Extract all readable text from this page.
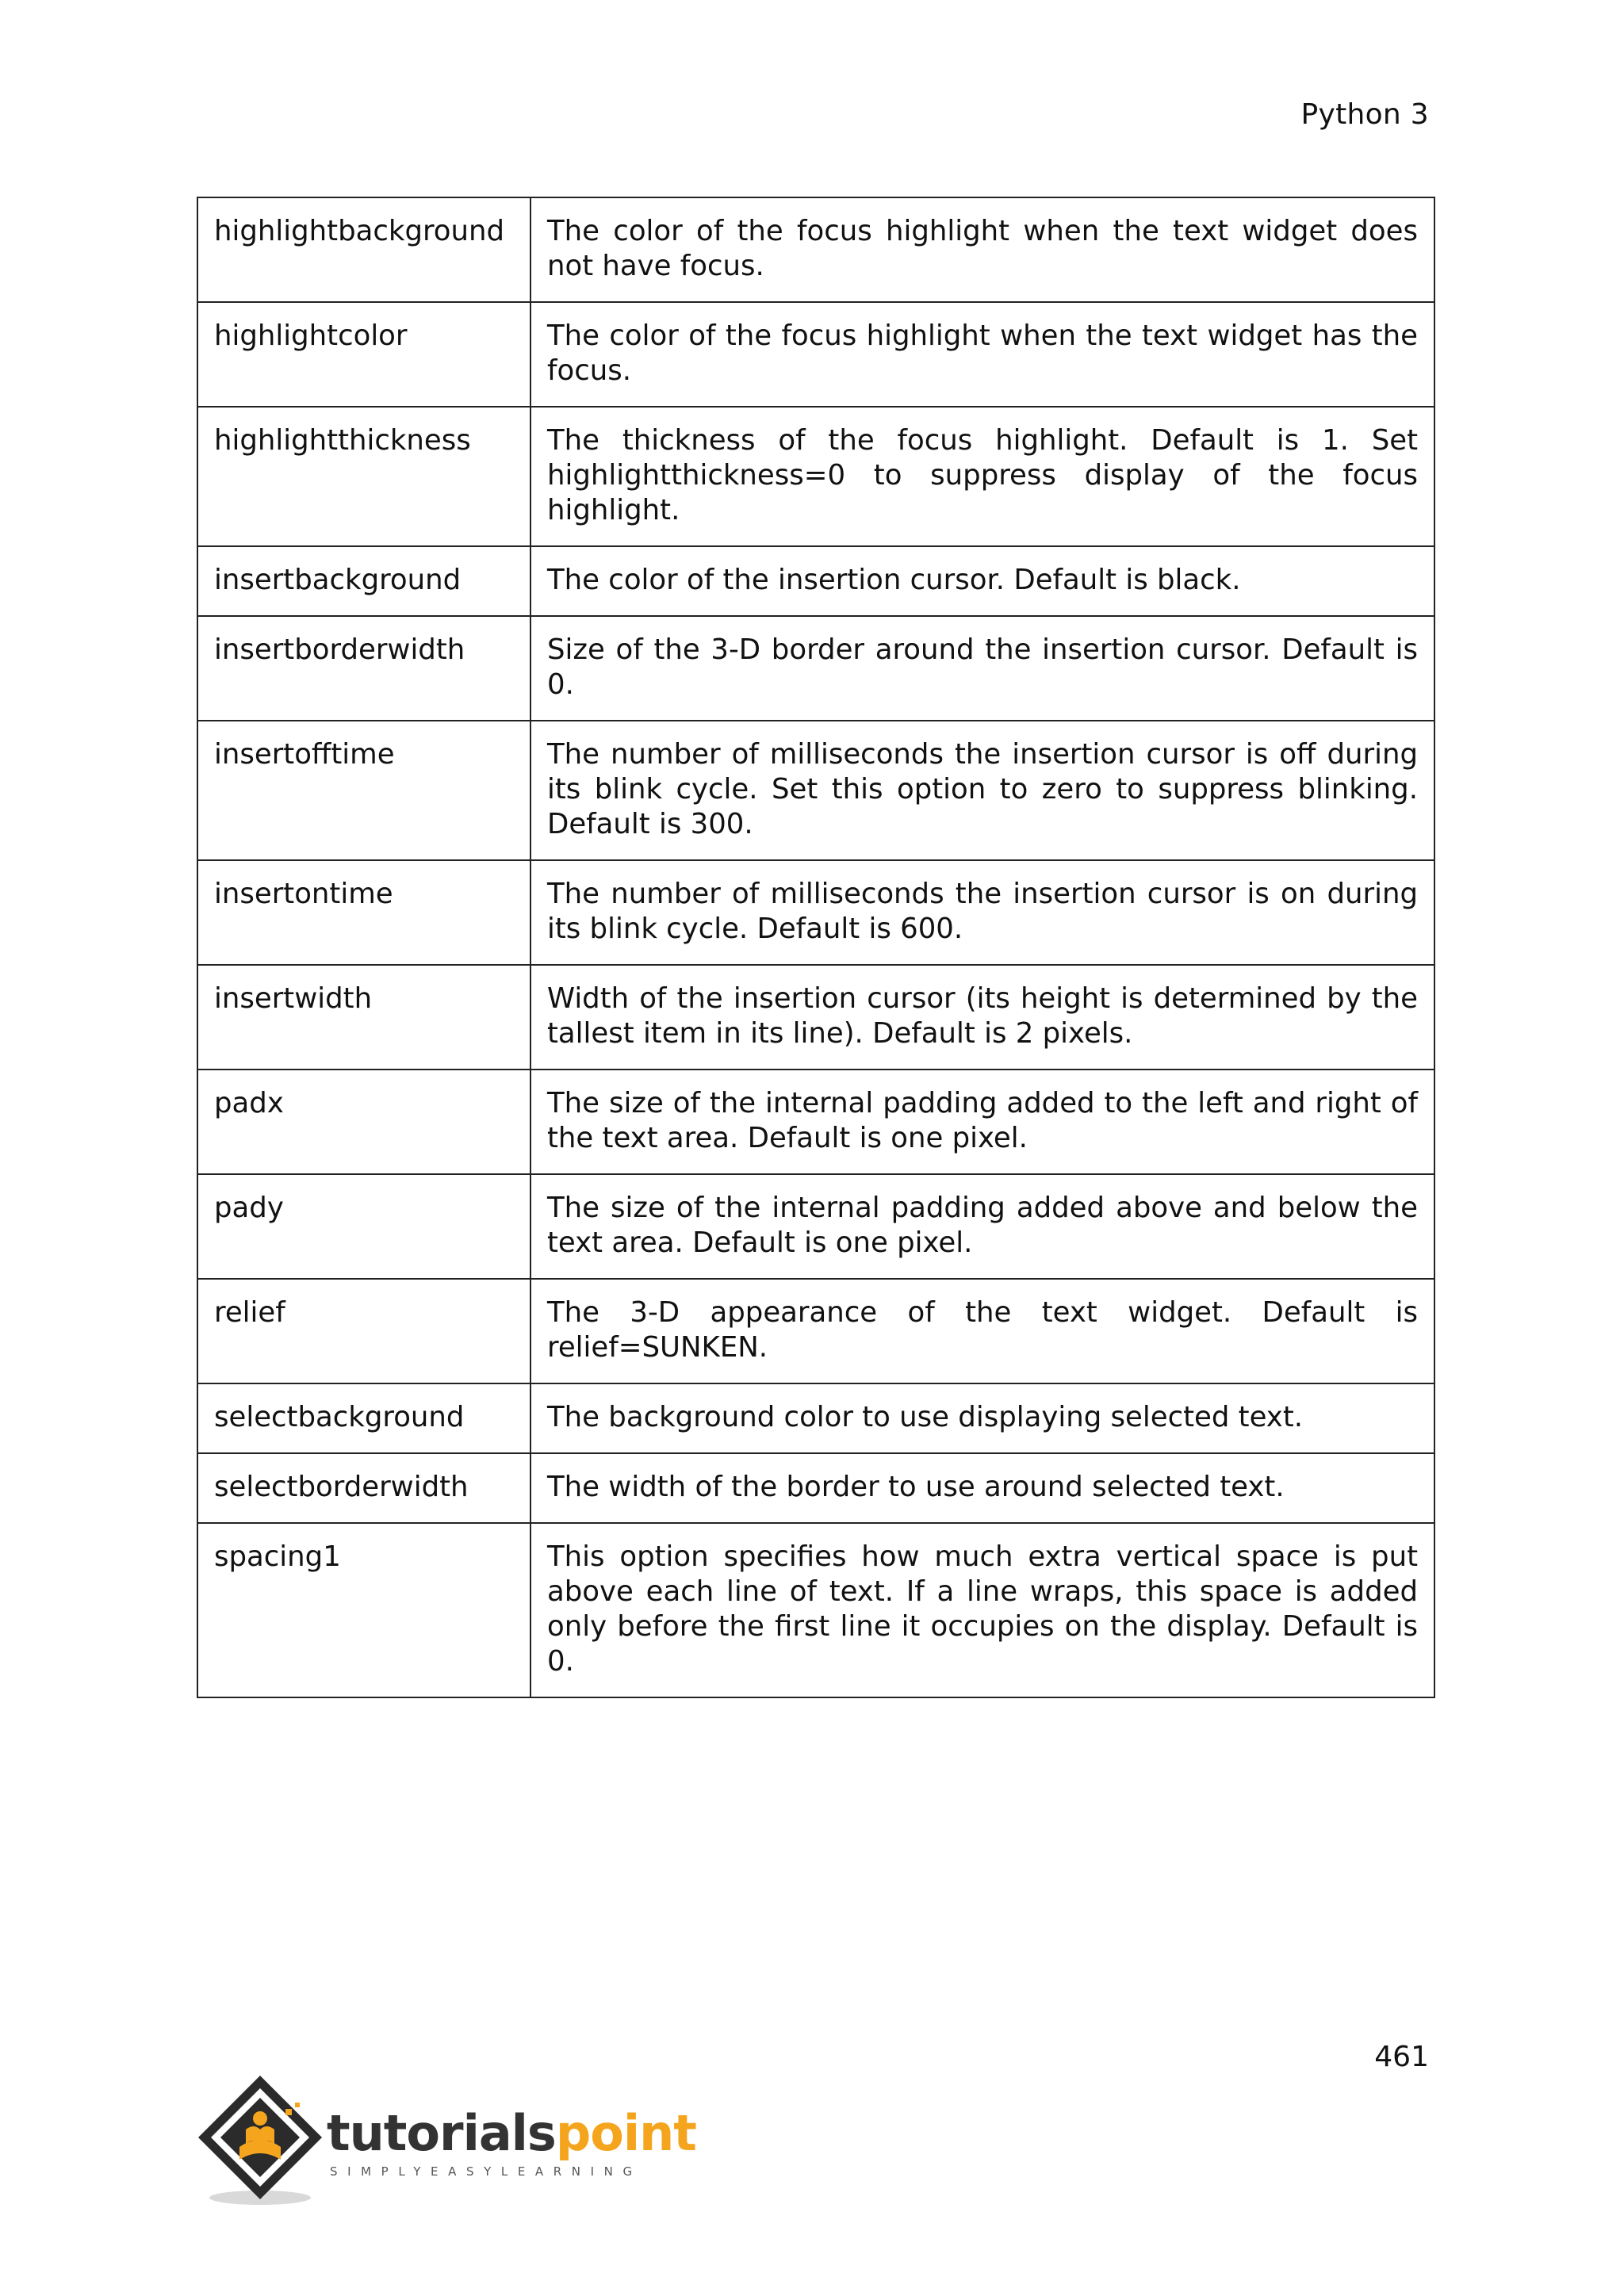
Python 3
highlightbackground	The color of the focus highlight when the text widget does not have focus.
highlightcolor	The color of the focus highlight when the text widget has the focus.
highlightthickness	The thickness of the focus highlight. Default is 1. Set highlightthickness=0 to suppress display of the focus highlight.
insertbackground	The color of the insertion cursor. Default is black.
insertborderwidth	Size of the 3-D border around the insertion cursor. Default is 0.
insertofftime	The number of milliseconds the insertion cursor is off during its blink cycle. Set this option to zero to suppress blinking. Default is 300.
insertontime	The number of milliseconds the insertion cursor is on during its blink cycle. Default is 600.
insertwidth	Width of the insertion cursor (its height is determined by the tallest item in its line). Default is 2 pixels.
padx	The size of the internal padding added to the left and right of the text area. Default is one pixel.
pady	The size of the internal padding added above and below the text area. Default is one pixel.
relief	The 3-D appearance of the text widget. Default is relief=SUNKEN.
selectbackground	The background color to use displaying selected text.
selectborderwidth	The width of the border to use around selected text.
spacing1	This option specifies how much extra vertical space is put above each line of text. If a line wraps, this space is added only before the first line it occupies on the display. Default is 0.
461
tutorialspoint
SIMPLYEASYLEARNING
